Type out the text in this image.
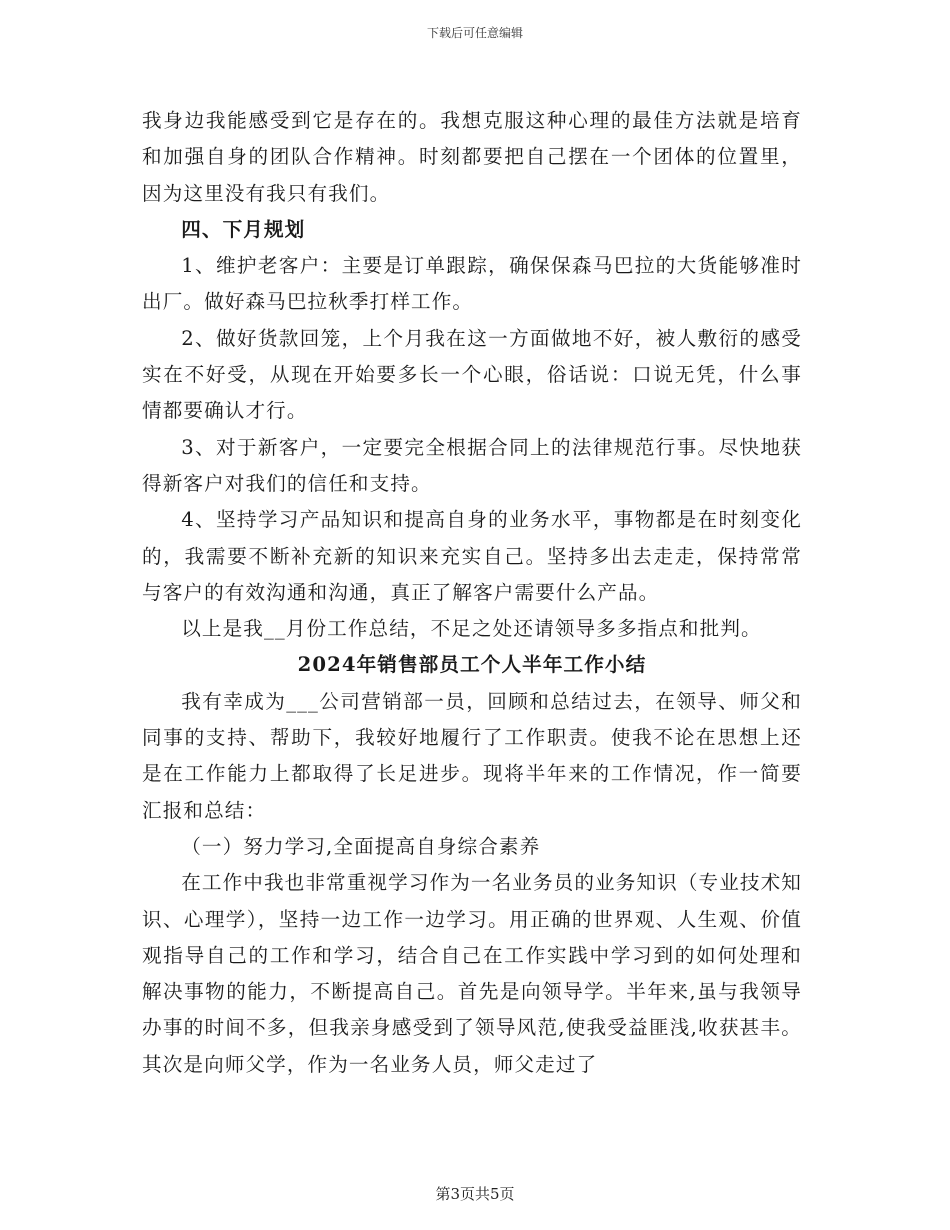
下载后可任意编辑

我身边我能感受到它是存在的。我想克服这种心理的最佳方法就是培育和加强自身的团队合作精神。时刻都要把自己摆在一个团体的位置里，因为这里没有我只有我们。

四、下月规划

1、维护老客户：主要是订单跟踪，确保保森马巴拉的大货能够准时出厂。做好森马巴拉秋季打样工作。

2、做好货款回笼，上个月我在这一方面做地不好，被人敷衍的感受实在不好受，从现在开始要多长一个心眼，俗话说：口说无凭，什么事情都要确认才行。

3、对于新客户，一定要完全根据合同上的法律规范行事。尽快地获得新客户对我们的信任和支持。

4、坚持学习产品知识和提高自身的业务水平，事物都是在时刻变化的，我需要不断补充新的知识来充实自己。坚持多出去走走，保持常常与客户的有效沟通和沟通，真正了解客户需要什么产品。

以上是我__月份工作总结，不足之处还请领导多多指点和批判。

2024年销售部员工个人半年工作小结

我有幸成为___公司营销部一员，回顾和总结过去，在领导、师父和同事的支持、帮助下，我较好地履行了工作职责。使我不论在思想上还是在工作能力上都取得了长足进步。现将半年来的工作情况，作一简要汇报和总结：

（一）努力学习,全面提高自身综合素养

在工作中我也非常重视学习作为一名业务员的业务知识（专业技术知识、心理学），坚持一边工作一边学习。用正确的世界观、人生观、价值观指导自己的工作和学习，结合自己在工作实践中学习到的如何处理和解决事物的能力，不断提高自己。首先是向领导学。半年来,虽与我领导办事的时间不多，但我亲身感受到了领导风范,使我受益匪浅,收获甚丰。其次是向师父学，作为一名业务人员，师父走过了

第3页共5页
